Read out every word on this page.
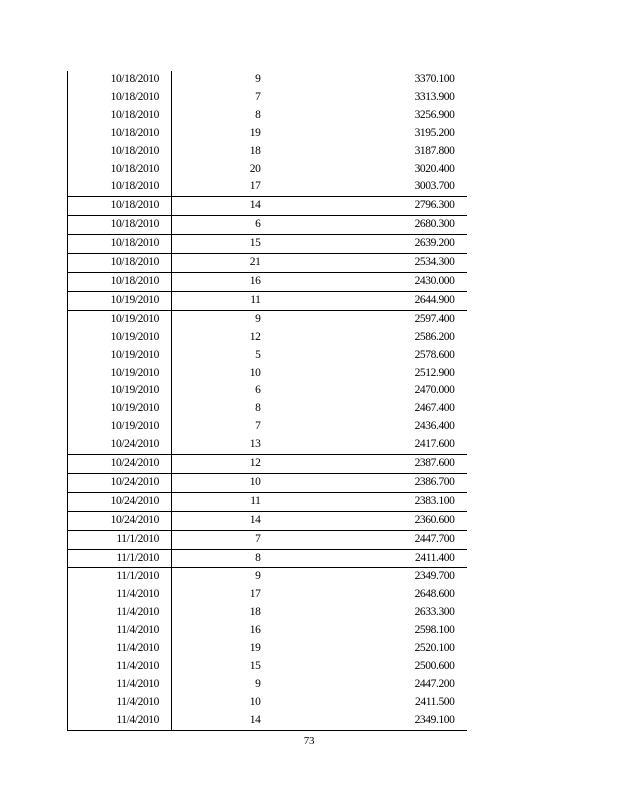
10/18/2010	9	3370.100
10/18/2010	7	3313.900
10/18/2010	8	3256.900
10/18/2010	19	3195.200
10/18/2010	18	3187.800
10/18/2010	20	3020.400
10/18/2010	17	3003.700
10/18/2010	14	2796.300
10/18/2010	6	2680.300
10/18/2010	15	2639.200
10/18/2010	21	2534.300
10/18/2010	16	2430.000
10/19/2010	11	2644.900
10/19/2010	9	2597.400
10/19/2010	12	2586.200
10/19/2010	5	2578.600
10/19/2010	10	2512.900
10/19/2010	6	2470.000
10/19/2010	8	2467.400
10/19/2010	7	2436.400
10/24/2010	13	2417.600
10/24/2010	12	2387.600
10/24/2010	10	2386.700
10/24/2010	11	2383.100
10/24/2010	14	2360.600
11/1/2010	7	2447.700
11/1/2010	8	2411.400
11/1/2010	9	2349.700
11/4/2010	17	2648.600
11/4/2010	18	2633.300
11/4/2010	16	2598.100
11/4/2010	19	2520.100
11/4/2010	15	2500.600
11/4/2010	9	2447.200
11/4/2010	10	2411.500
11/4/2010	14	2349.100
73
